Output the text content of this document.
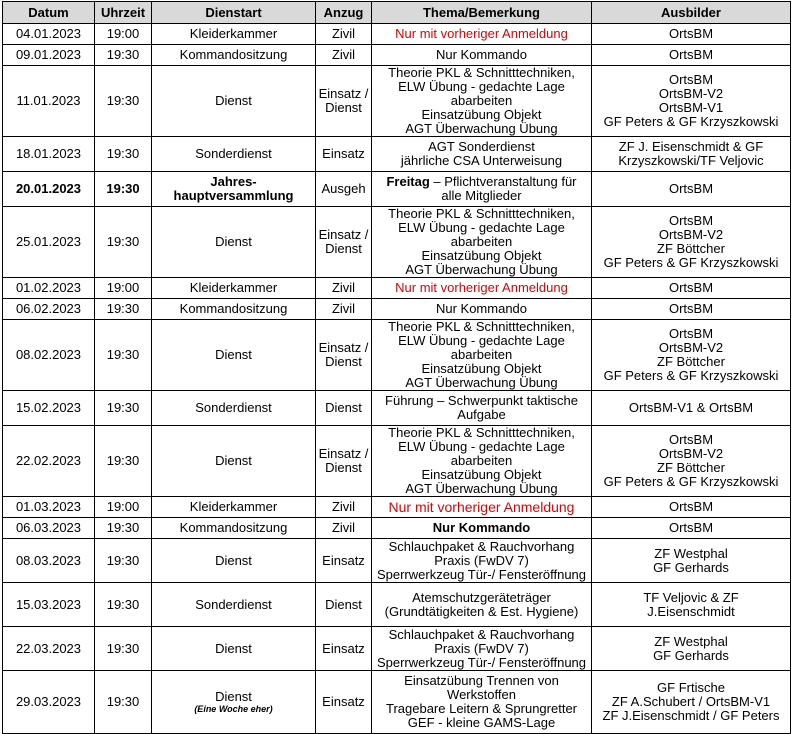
Datum	Uhrzeit	Dienstart	Anzug	Thema/Bemerkung	Ausbilder
04.01.2023	19:00	Kleiderkammer	Zivil	Nur mit vorheriger Anmeldung	OrtsBM

09.01.2023	19:30	Kommandositzung	Zivil	Nur Kommando	OrtsBM

11.01.2023	19:30	Dienst	Einsatz /
Dienst	Theorie PKL & Schnitttechniken,
ELW Übung - gedachte Lage abarbeiten
Einsatzübung Objekt
AGT Überwachung Übung	OrtsBM
OrtsBM-V2
OrtsBM-V1
GF Peters & GF Krzyszkowski

18.01.2023	19:30	Sonderdienst	Einsatz	AGT Sonderdienst
jährliche CSA Unterweisung	ZF J. Eisenschmidt & GF
Krzyszkowski/TF Veljovic

20.01.2023	19:30	Jahres-
hauptversammlung	Ausgeh	Freitag – Pflichtveranstaltung für
alle Mitglieder	OrtsBM

25.01.2023	19:30	Dienst	Einsatz /
Dienst	Theorie PKL & Schnitttechniken,
ELW Übung - gedachte Lage abarbeiten
Einsatzübung Objekt
AGT Überwachung Übung	OrtsBM
OrtsBM-V2
ZF Böttcher
GF Peters & GF Krzyszkowski

01.02.2023	19:00	Kleiderkammer	Zivil	Nur mit vorheriger Anmeldung	OrtsBM

06.02.2023	19:30	Kommandositzung	Zivil	Nur Kommando	OrtsBM

08.02.2023	19:30	Dienst	Einsatz /
Dienst	Theorie PKL & Schnitttechniken,
ELW Übung - gedachte Lage abarbeiten
Einsatzübung Objekt
AGT Überwachung Übung	OrtsBM
OrtsBM-V2
ZF Böttcher
GF Peters & GF Krzyszkowski

15.02.2023	19:30	Sonderdienst	Dienst	Führung – Schwerpunkt taktische
Aufgabe	OrtsBM-V1 & OrtsBM

22.02.2023	19:30	Dienst	Einsatz /
Dienst	Theorie PKL & Schnitttechniken,
ELW Übung - gedachte Lage abarbeiten
Einsatzübung Objekt
AGT Überwachung Übung	OrtsBM
OrtsBM-V2
ZF Böttcher
GF Peters & GF Krzyszkowski

01.03.2023	19:00	Kleiderkammer	Zivil	Nur mit vorheriger Anmeldung	OrtsBM

06.03.2023	19:30	Kommandositzung	Zivil	Nur Kommando	OrtsBM

08.03.2023	19:30	Dienst	Einsatz	Schlauchpaket & Rauchvorhang
Praxis (FwDV 7)
Sperrwerkzeug Tür-/ Fensteröffnung	ZF Westphal
GF Gerhards

15.03.2023	19:30	Sonderdienst	Dienst	Atemschutzgeräteträger
(Grundtätigkeiten & Est. Hygiene)	TF Veljovic & ZF
J.Eisenschmidt

22.03.2023	19:30	Dienst	Einsatz	Schlauchpaket & Rauchvorhang
Praxis (FwDV 7)
Sperrwerkzeug Tür-/ Fensteröffnung	ZF Westphal
GF Gerhards

29.03.2023	19:30	Dienst
(Eine Woche eher)	Einsatz	Einsatzübung Trennen von Werkstoffen
Tragebare Leitern & Sprungretter
GEF - kleine GAMS-Lage	GF Frtische
ZF A.Schubert / OrtsBM-V1
ZF J.Eisenschmidt / GF Peters
